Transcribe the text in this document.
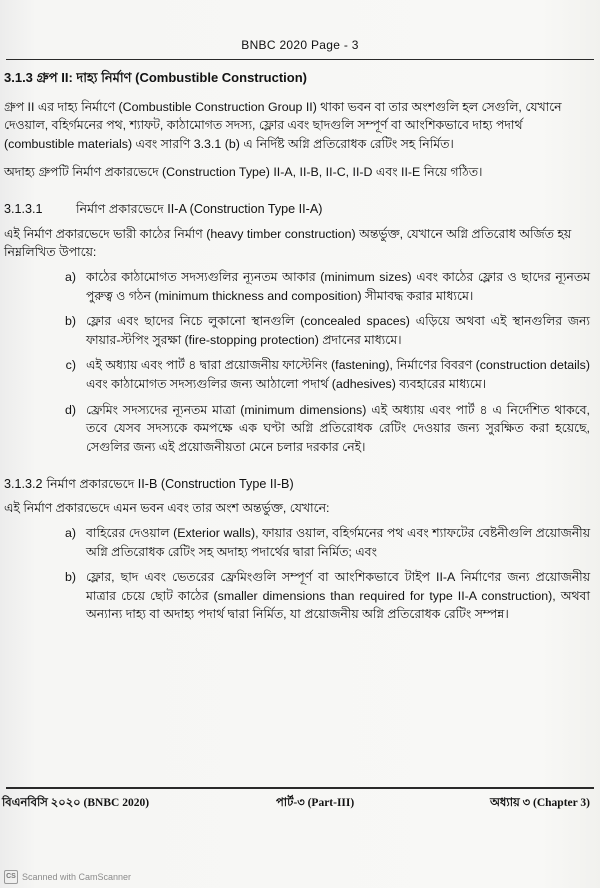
BNBC 2020 Page - 3
3.1.3 গ্রুপ II: দাহ্য নির্মাণ (Combustible Construction)

গ্রুপ II এর দাহ্য নির্মাণে (Combustible Construction Group II) থাকা ভবন বা তার অংশগুলি হল সেগুলি, যেখানে দেওয়াল, বহির্গমনের পথ, শ্যাফট, কাঠামোগত সদস্য, ফ্লোর এবং ছাদগুলি সম্পূর্ণ বা আংশিকভাবে দাহ্য পদার্থ (combustible materials) এবং সারণি 3.3.1 (b) এ নির্দিষ্ট অগ্নি প্রতিরোধক রেটিং সহ নির্মিত।

অদাহ্য গ্রুপটি নির্মাণ প্রকারভেদে (Construction Type) II-A, II-B, II-C, II-D এবং II-E নিয়ে গঠিত।

3.1.3.1	নির্মাণ প্রকারভেদে II-A (Construction Type II-A)

এই নির্মাণ প্রকারভেদে ভারী কাঠের নির্মাণ (heavy timber construction) অন্তর্ভুক্ত, যেখানে অগ্নি প্রতিরোধ অর্জিত হয় নিম্নলিখিত উপায়ে:

a) কাঠের কাঠামোগত সদস্যগুলির ন্যূনতম আকার (minimum sizes) এবং কাঠের ফ্লোর ও ছাদের ন্যূনতম পুরুত্ব ও গঠন (minimum thickness and composition) সীমাবদ্ধ করার মাধ্যমে।
b) ফ্লোর এবং ছাদের নিচে লুকানো স্থানগুলি (concealed spaces) এড়িয়ে অথবা এই স্থানগুলির জন্য ফায়ার-স্টপিং সুরক্ষা (fire-stopping protection) প্রদানের মাধ্যমে।
c) এই অধ্যায় এবং পার্ট ৪ দ্বারা প্রয়োজনীয় ফাস্টেনিং (fastening), নির্মাণের বিবরণ (construction details) এবং কাঠামোগত সদস্যগুলির জন্য আঠালো পদার্থ (adhesives) ব্যবহারের মাধ্যমে।
d) ফ্রেমিং সদস্যদের ন্যূনতম মাত্রা (minimum dimensions) এই অধ্যায় এবং পার্ট ৪ এ নির্দেশিত থাকবে, তবে যেসব সদস্যকে কমপক্ষে এক ঘণ্টা অগ্নি প্রতিরোধক রেটিং দেওয়ার জন্য সুরক্ষিত করা হয়েছে, সেগুলির জন্য এই প্রয়োজনীয়তা মেনে চলার দরকার নেই।
3.1.3.2 নির্মাণ প্রকারভেদে II-B (Construction Type II-B)

এই নির্মাণ প্রকারভেদে এমন ভবন এবং তার অংশ অন্তর্ভুক্ত, যেখানে:

a) বাহিরের দেওয়াল (Exterior walls), ফায়ার ওয়াল, বহির্গমনের পথ এবং শ্যাফটের বেষ্টনীগুলি প্রয়োজনীয় অগ্নি প্রতিরোধক রেটিং সহ অদাহ্য পদার্থের দ্বারা নির্মিত; এবং
b) ফ্লোর, ছাদ এবং ভেতরের ফ্রেমিংগুলি সম্পূর্ণ বা আংশিকভাবে টাইপ II-A নির্মাণের জন্য প্রয়োজনীয় মাত্রার চেয়ে ছোট কাঠের (smaller dimensions than required for type II-A construction), অথবা অন্যান্য দাহ্য বা অদাহ্য পদার্থ দ্বারা নির্মিত, যা প্রয়োজনীয় অগ্নি প্রতিরোধক রেটিং সম্পন্ন।
বিএনবিসি ২০২০ (BNBC 2020)	পার্ট-৩ (Part-III)	অধ্যায় ৩ (Chapter 3)
CS Scanned with CamScanner
